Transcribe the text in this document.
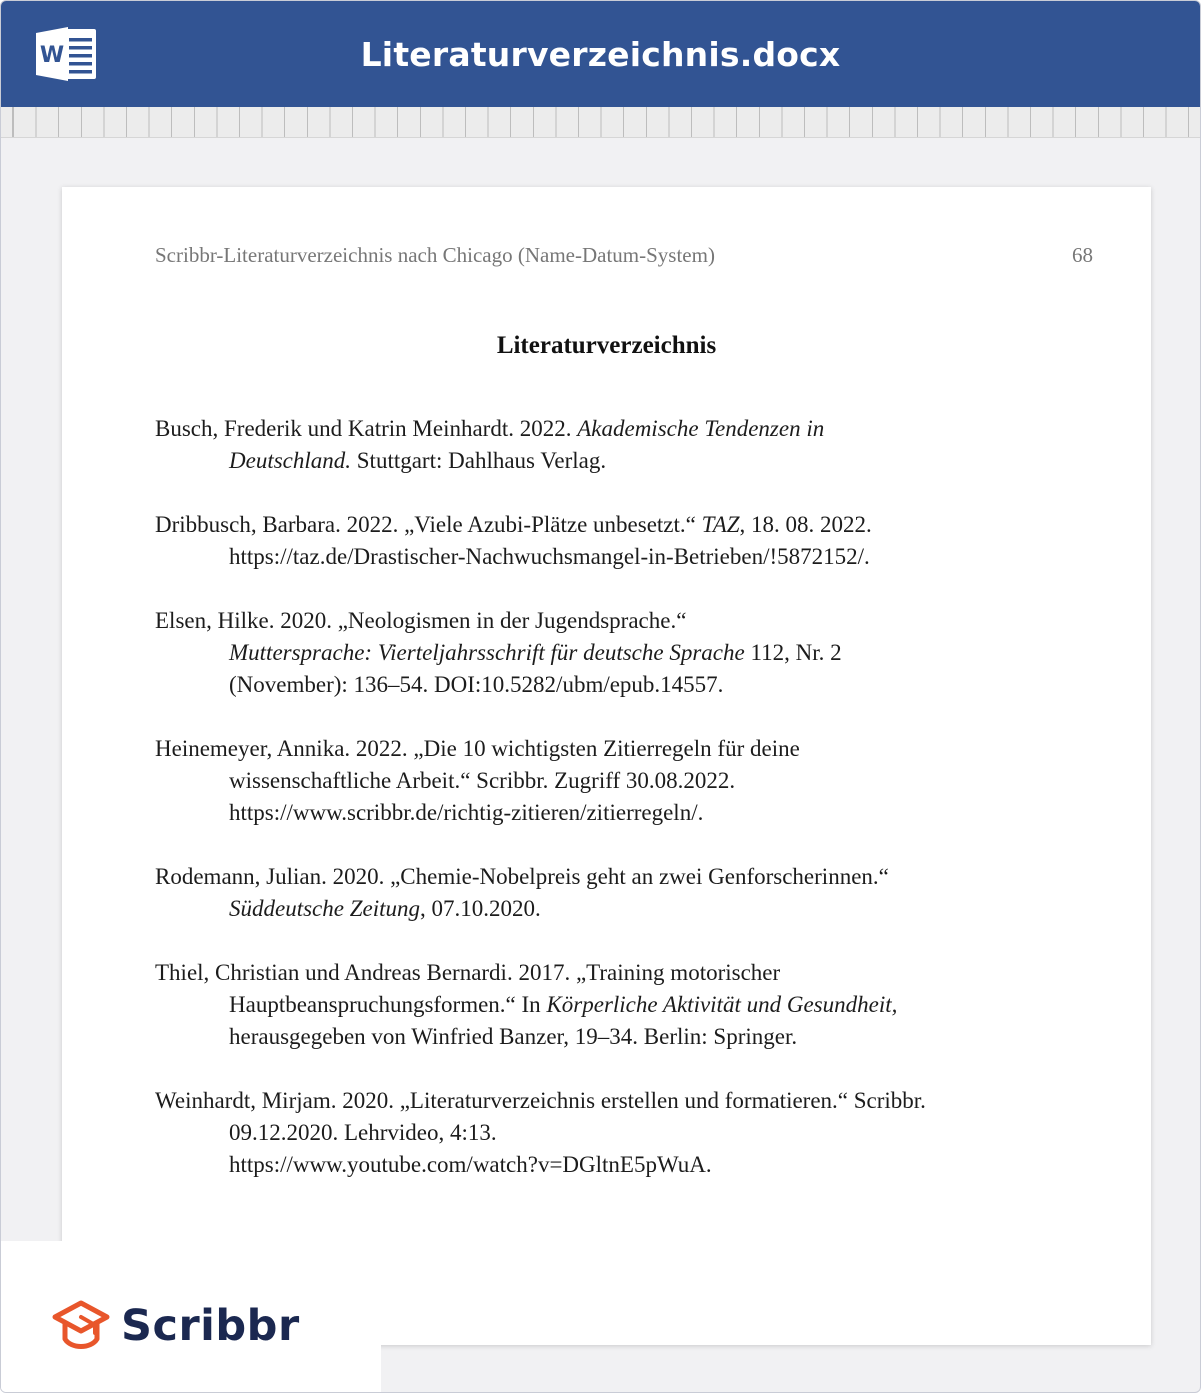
W	Literaturverzeichnis.docx
Scribbr-Literaturverzeichnis nach Chicago (Name-Datum-System)	68
Literaturverzeichnis
Busch, Frederik und Katrin Meinhardt. 2022. Akademische Tendenzen in
Deutschland. Stuttgart: Dahlhaus Verlag.
Dribbusch, Barbara. 2022. „Viele Azubi-Plätze unbesetzt.“ TAZ, 18. 08. 2022.
https://taz.de/Drastischer-Nachwuchsmangel-in-Betrieben/!5872152/.
Elsen, Hilke. 2020. „Neologismen in der Jugendsprache.“
Muttersprache: Vierteljahrsschrift für deutsche Sprache 112, Nr. 2
(November): 136–54. DOI:10.5282/ubm/epub.14557.
Heinemeyer, Annika. 2022. „Die 10 wichtigsten Zitierregeln für deine
wissenschaftliche Arbeit.“ Scribbr. Zugriff 30.08.2022.
https://www.scribbr.de/richtig-zitieren/zitierregeln/.
Rodemann, Julian. 2020. „Chemie-Nobelpreis geht an zwei Genforscherinnen.“
Süddeutsche Zeitung, 07.10.2020.
Thiel, Christian und Andreas Bernardi. 2017. „Training motorischer
Hauptbeanspruchungsformen.“ In Körperliche Aktivität und Gesundheit,
herausgegeben von Winfried Banzer, 19–34. Berlin: Springer.
Weinhardt, Mirjam. 2020. „Literaturverzeichnis erstellen und formatieren.“ Scribbr.
09.12.2020. Lehrvideo, 4:13.
https://www.youtube.com/watch?v=DGltnE5pWuA.
Scribbr
